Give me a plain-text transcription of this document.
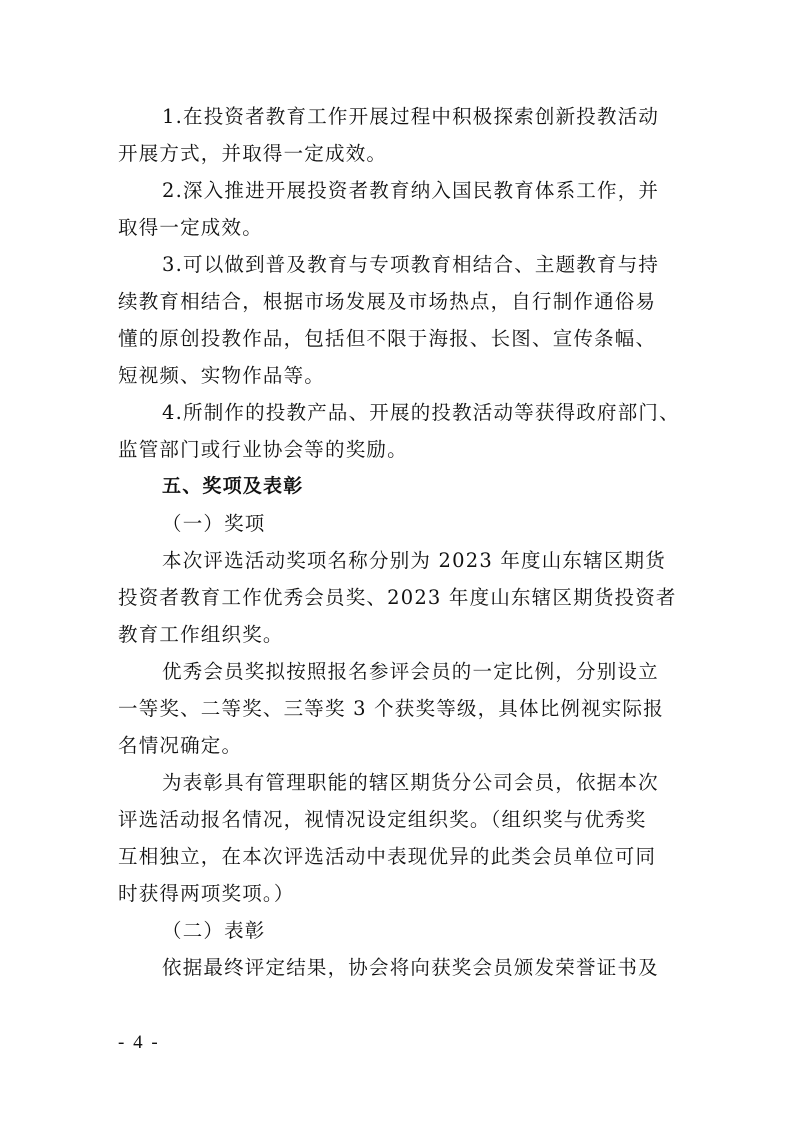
1.在投资者教育工作开展过程中积极探索创新投教活动
开展方式，并取得一定成效。
2.深入推进开展投资者教育纳入国民教育体系工作，并
取得一定成效。
3.可以做到普及教育与专项教育相结合、主题教育与持
续教育相结合，根据市场发展及市场热点，自行制作通俗易
懂的原创投教作品，包括但不限于海报、长图、宣传条幅、
短视频、实物作品等。
4.所制作的投教产品、开展的投教活动等获得政府部门、
监管部门或行业协会等的奖励。
五、奖项及表彰
（一）奖项
本次评选活动奖项名称分别为 2023 年度山东辖区期货
投资者教育工作优秀会员奖、2023 年度山东辖区期货投资者
教育工作组织奖。
优秀会员奖拟按照报名参评会员的一定比例，分别设立
一等奖、二等奖、三等奖 3 个获奖等级，具体比例视实际报
名情况确定。
为表彰具有管理职能的辖区期货分公司会员，依据本次
评选活动报名情况，视情况设定组织奖。（组织奖与优秀奖
互相独立，在本次评选活动中表现优异的此类会员单位可同
时获得两项奖项。）
（二）表彰
依据最终评定结果，协会将向获奖会员颁发荣誉证书及
- 4 -
